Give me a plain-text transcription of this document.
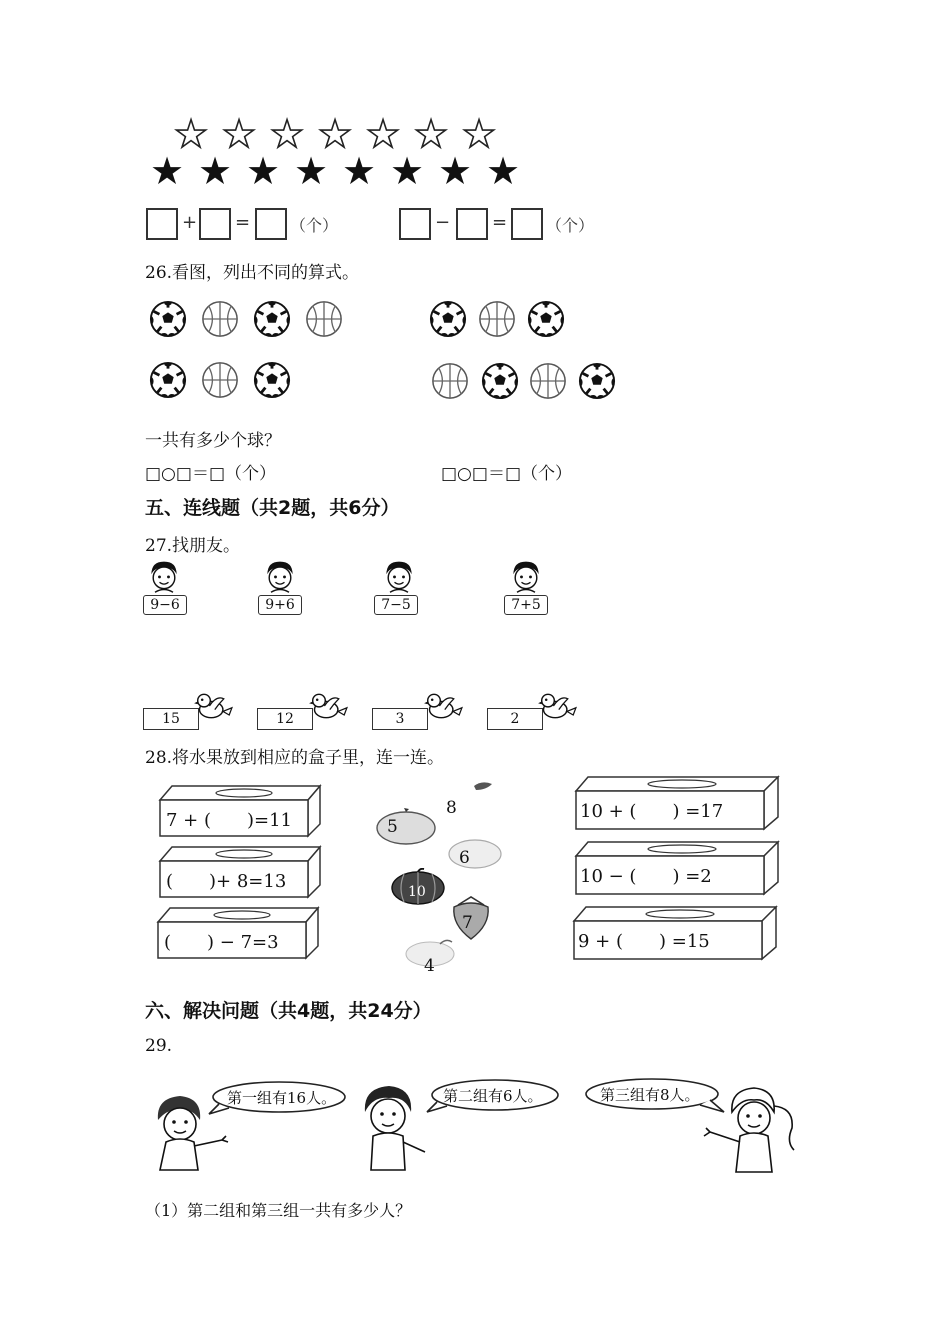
★ ★ ★ ★ ★ ★ ★
★ ★ ★ ★ ★ ★ ★ ★
+ = （个）	− = （个）
26.看图，列出不同的算式。
一共有多少个球？
□○□＝□（个）	□○□＝□（个）
五、连线题（共2题，共6分）
27.找朋友。
9−6	9+6	7−5	7+5
15	12	3	2
28.将水果放到相应的盒子里，连一连。
7 + (　　)=11
(　　)+ 8=13
(　　) − 7=3
10 + (　　) =17
10 − (　　) =2
9 + (　　) =15
8
5
6
10
7
4
六、解决问题（共4题，共24分）
29.
第一组有16人。	第二组有6人。	第三组有8人。
（1）第二组和第三组一共有多少人？
